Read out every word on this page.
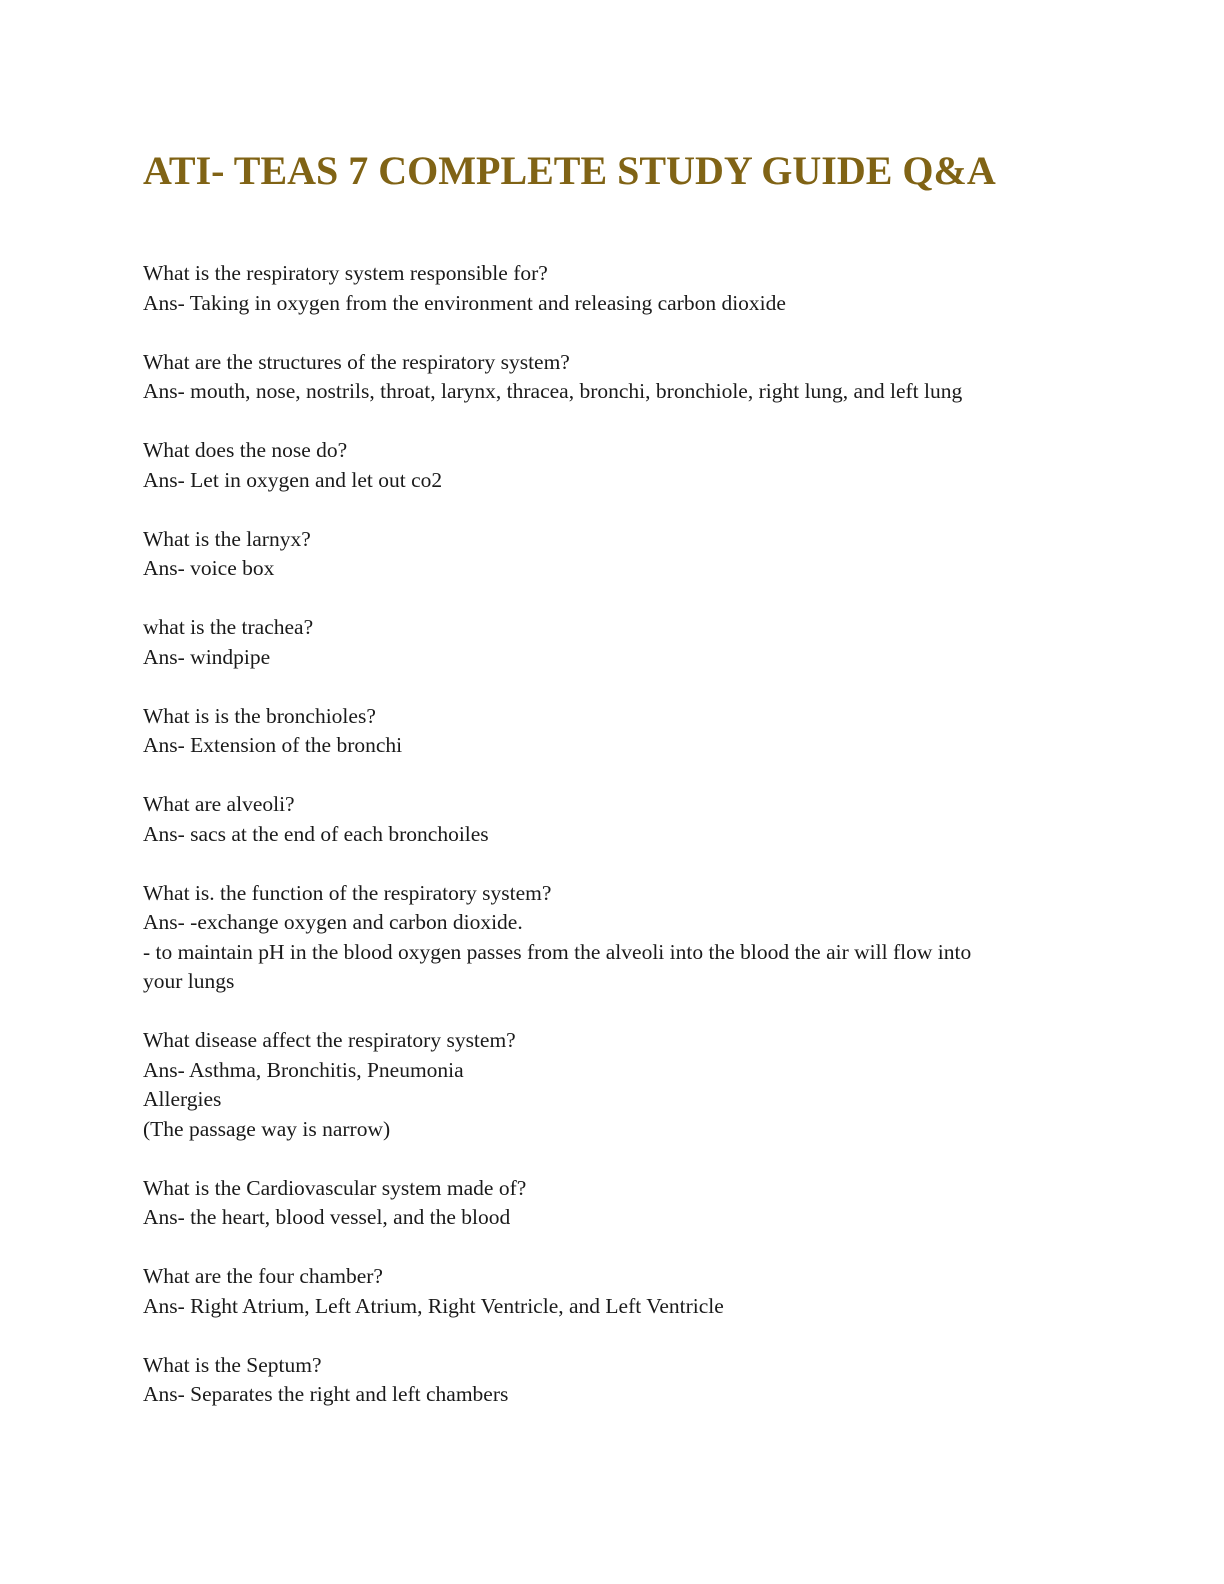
ATI- TEAS 7 COMPLETE STUDY GUIDE Q&A
What is the respiratory system responsible for?
Ans- Taking in oxygen from the environment and releasing carbon dioxide
What are the structures of the respiratory system?
Ans- mouth, nose, nostrils, throat, larynx, thracea, bronchi, bronchiole, right lung, and left lung
What does the nose do?
Ans- Let in oxygen and let out co2
What is the larnyx?
Ans- voice box
what is the trachea?
Ans- windpipe
What is is the bronchioles?
Ans- Extension of the bronchi
What are alveoli?
Ans- sacs at the end of each bronchoiles
What is. the function of the respiratory system?
Ans- -exchange oxygen and carbon dioxide.
- to maintain pH in the blood oxygen passes from the alveoli into the blood the air will flow into
your lungs
What disease affect the respiratory system?
Ans- Asthma, Bronchitis, Pneumonia
Allergies
(The passage way is narrow)
What is the Cardiovascular system made of?
Ans- the heart, blood vessel, and the blood
What are the four chamber?
Ans- Right Atrium, Left Atrium, Right Ventricle, and Left Ventricle
What is the Septum?
Ans- Separates the right and left chambers
